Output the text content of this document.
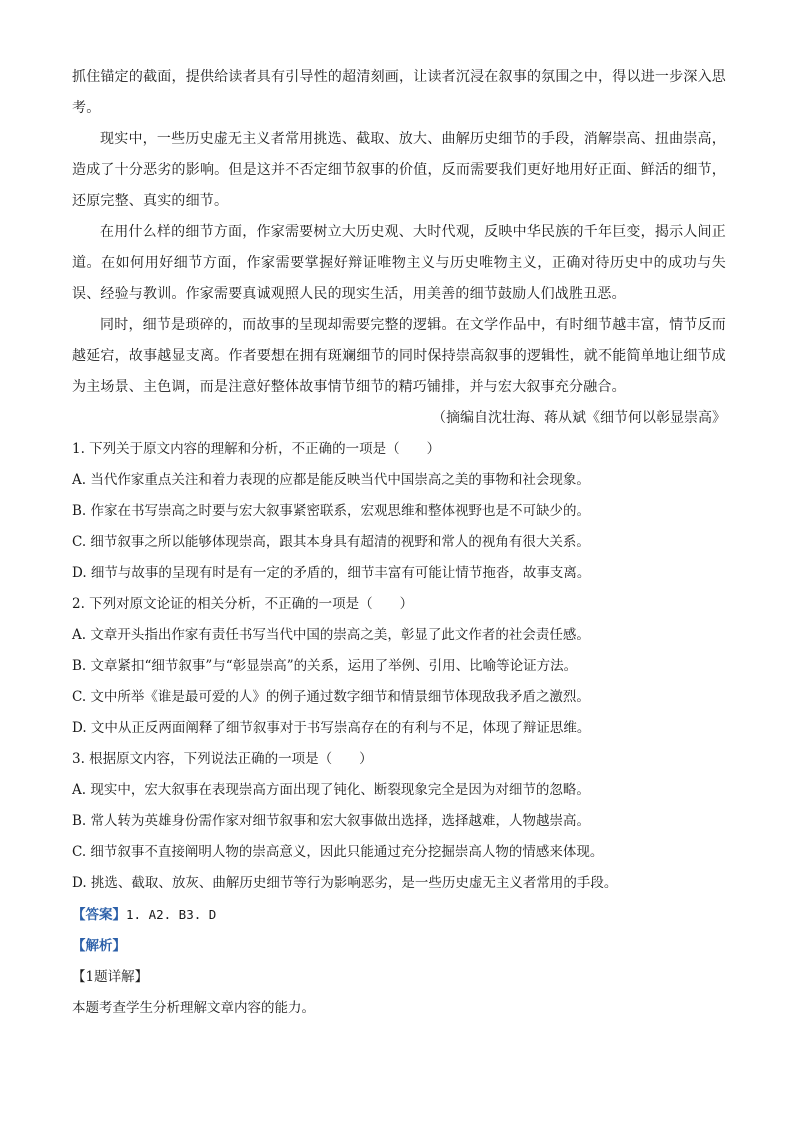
抓住锚定的截面，提供给读者具有引导性的超清刻画，让读者沉浸在叙事的氛围之中，得以进一步深入思考。

现实中，一些历史虚无主义者常用挑选、截取、放大、曲解历史细节的手段，消解崇高、扭曲崇高，造成了十分恶劣的影响。但是这并不否定细节叙事的价值，反而需要我们更好地用好正面、鲜活的细节，还原完整、真实的细节。

在用什么样的细节方面，作家需要树立大历史观、大时代观，反映中华民族的千年巨变，揭示人间正道。在如何用好细节方面，作家需要掌握好辩证唯物主义与历史唯物主义，正确对待历史中的成功与失误、经验与教训。作家需要真诚观照人民的现实生活，用美善的细节鼓励人们战胜丑恶。

同时，细节是琐碎的，而故事的呈现却需要完整的逻辑。在文学作品中，有时细节越丰富，情节反而越延宕，故事越显支离。作者要想在拥有斑斓细节的同时保持崇高叙事的逻辑性，就不能简单地让细节成为主场景、主色调，而是注意好整体故事情节细节的精巧铺排，并与宏大叙事充分融合。

（摘编自沈壮海、蒋从斌《细节何以彰显崇高》

1. 下列关于原文内容的理解和分析，不正确的一项是（　　）

A. 当代作家重点关注和着力表现的应都是能反映当代中国崇高之美的事物和社会现象。

B. 作家在书写崇高之时要与宏大叙事紧密联系，宏观思维和整体视野也是不可缺少的。

C. 细节叙事之所以能够体现崇高，跟其本身具有超清的视野和常人的视角有很大关系。

D. 细节与故事的呈现有时是有一定的矛盾的，细节丰富有可能让情节拖沓，故事支离。

2. 下列对原文论证的相关分析，不正确的一项是（　　）

A. 文章开头指出作家有责任书写当代中国的崇高之美，彰显了此文作者的社会责任感。

B. 文章紧扣“细节叙事”与“彰显崇高”的关系，运用了举例、引用、比喻等论证方法。

C. 文中所举《谁是最可爱的人》的例子通过数字细节和情景细节体现敌我矛盾之激烈。

D. 文中从正反两面阐释了细节叙事对于书写崇高存在的有利与不足，体现了辩证思维。

3. 根据原文内容，下列说法正确的一项是（　　）

A. 现实中，宏大叙事在表现崇高方面出现了钝化、断裂现象完全是因为对细节的忽略。

B. 常人转为英雄身份需作家对细节叙事和宏大叙事做出选择，选择越难，人物越崇高。

C. 细节叙事不直接阐明人物的崇高意义，因此只能通过充分挖掘崇高人物的情感来体现。

D. 挑选、截取、放灰、曲解历史细节等行为影响恶劣，是一些历史虚无主义者常用的手段。

【答案】1. A2. B3. D

【解析】

【1题详解】

本题考查学生分析理解文章内容的能力。
